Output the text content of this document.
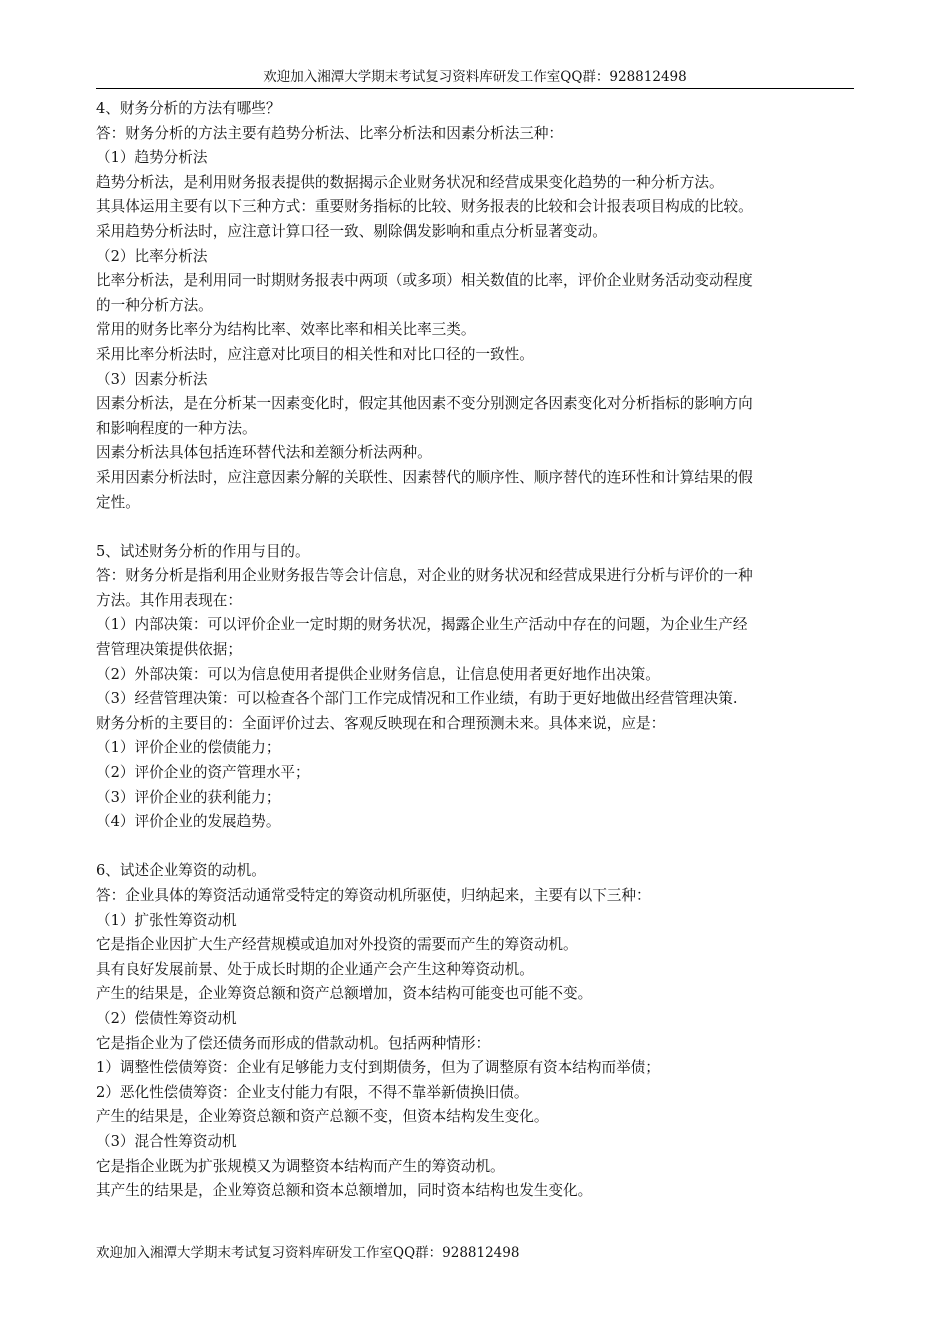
欢迎加入湘潭大学期末考试复习资料库研发工作室QQ群：928812498
4、财务分析的方法有哪些？
答：财务分析的方法主要有趋势分析法、比率分析法和因素分析法三种：
（1）趋势分析法
趋势分析法，是利用财务报表提供的数据揭示企业财务状况和经营成果变化趋势的一种分析方法。
其具体运用主要有以下三种方式：重要财务指标的比较、财务报表的比较和会计报表项目构成的比较。
采用趋势分析法时，应注意计算口径一致、剔除偶发影响和重点分析显著变动。
（2）比率分析法
比率分析法，是利用同一时期财务报表中两项（或多项）相关数值的比率，评价企业财务活动变动程度
的一种分析方法。
常用的财务比率分为结构比率、效率比率和相关比率三类。
采用比率分析法时，应注意对比项目的相关性和对比口径的一致性。
（3）因素分析法
因素分析法，是在分析某一因素变化时，假定其他因素不变分别测定各因素变化对分析指标的影响方向
和影响程度的一种方法。
因素分析法具体包括连环替代法和差额分析法两种。
采用因素分析法时，应注意因素分解的关联性、因素替代的顺序性、顺序替代的连环性和计算结果的假
定性。
5、试述财务分析的作用与目的。
答：财务分析是指利用企业财务报告等会计信息，对企业的财务状况和经营成果进行分析与评价的一种
方法。其作用表现在：
（1）内部决策：可以评价企业一定时期的财务状况，揭露企业生产活动中存在的问题，为企业生产经
营管理决策提供依据；
（2）外部决策：可以为信息使用者提供企业财务信息，让信息使用者更好地作出决策。
（3）经营管理决策：可以检查各个部门工作完成情况和工作业绩，有助于更好地做出经营管理决策.
财务分析的主要目的：全面评价过去、客观反映现在和合理预测未来。具体来说，应是：
（1）评价企业的偿债能力；
（2）评价企业的资产管理水平；
（3）评价企业的获利能力；
（4）评价企业的发展趋势。
6、试述企业筹资的动机。
答：企业具体的筹资活动通常受特定的筹资动机所驱使，归纳起来，主要有以下三种：
（1）扩张性筹资动机
它是指企业因扩大生产经营规模或追加对外投资的需要而产生的筹资动机。
具有良好发展前景、处于成长时期的企业通产会产生这种筹资动机。
产生的结果是，企业筹资总额和资产总额增加，资本结构可能变也可能不变。
（2）偿债性筹资动机
它是指企业为了偿还债务而形成的借款动机。包括两种情形：
1）调整性偿债筹资：企业有足够能力支付到期债务，但为了调整原有资本结构而举债；
2）恶化性偿债筹资：企业支付能力有限，不得不靠举新债换旧债。
产生的结果是，企业筹资总额和资产总额不变，但资本结构发生变化。
（3）混合性筹资动机
它是指企业既为扩张规模又为调整资本结构而产生的筹资动机。
其产生的结果是，企业筹资总额和资本总额增加，同时资本结构也发生变化。
欢迎加入湘潭大学期末考试复习资料库研发工作室QQ群：928812498
